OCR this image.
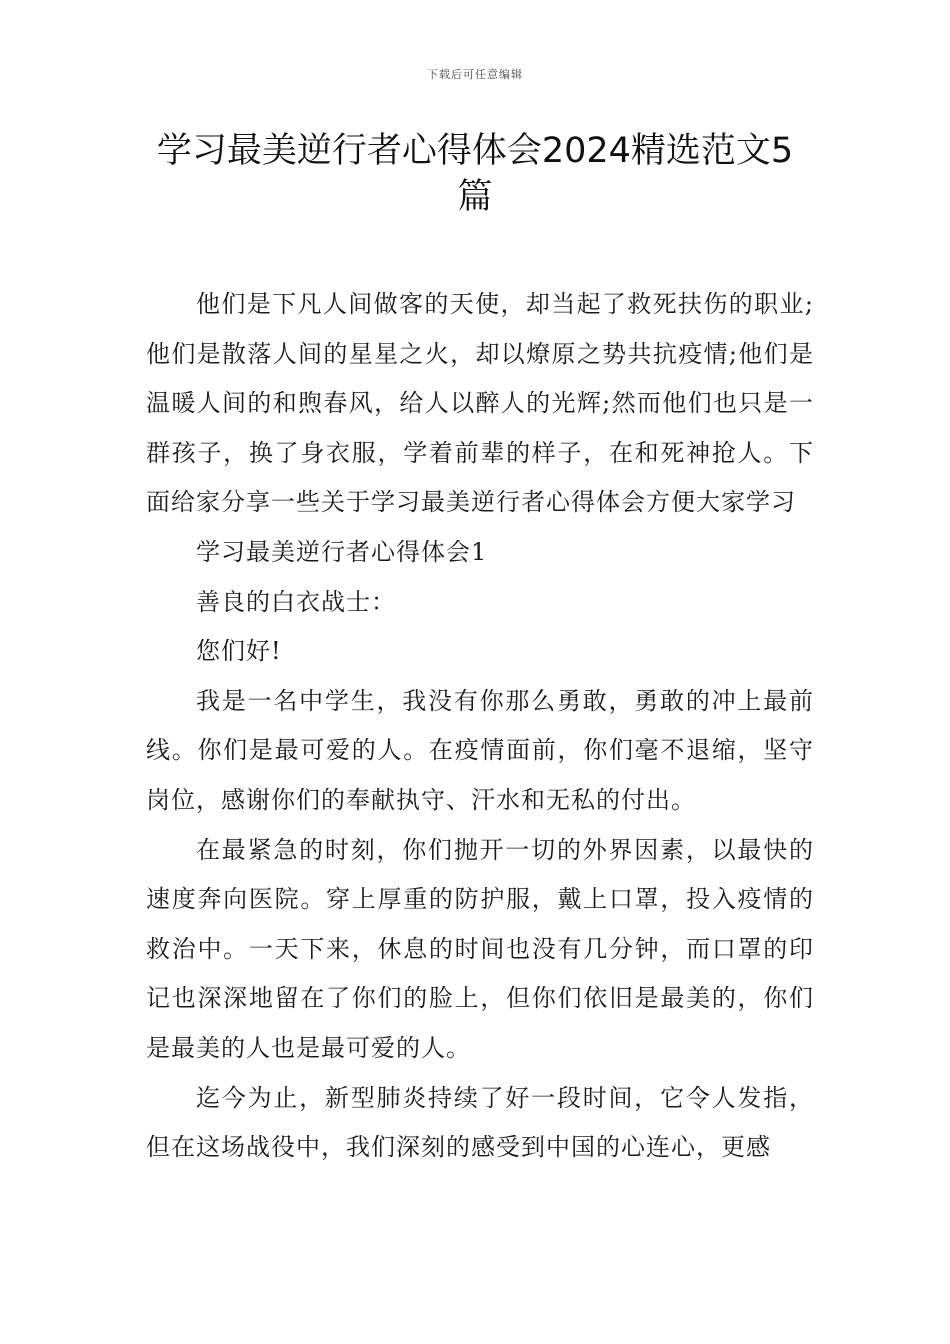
下载后可任意编辑
学习最美逆行者心得体会2024精选范文5篇

他们是下凡人间做客的天使，却当起了救死扶伤的职业;他们是散落人间的星星之火，却以燎原之势共抗疫情;他们是温暖人间的和煦春风，给人以醉人的光辉;然而他们也只是一群孩子，换了身衣服，学着前辈的样子，在和死神抢人。下面给家分享一些关于学习最美逆行者心得体会方便大家学习

学习最美逆行者心得体会1

善良的白衣战士：

您们好!

我是一名中学生，我没有你那么勇敢，勇敢的冲上最前线。你们是最可爱的人。在疫情面前，你们毫不退缩，坚守岗位，感谢你们的奉献执守、汗水和无私的付出。

在最紧急的时刻，你们抛开一切的外界因素，以最快的速度奔向医院。穿上厚重的防护服，戴上口罩，投入疫情的救治中。一天下来，休息的时间也没有几分钟，而口罩的印记也深深地留在了你们的脸上，但你们依旧是最美的，你们是最美的人也是最可爱的人。

迄今为止，新型肺炎持续了好一段时间，它令人发指，但在这场战役中，我们深刻的感受到中国的心连心，更感
